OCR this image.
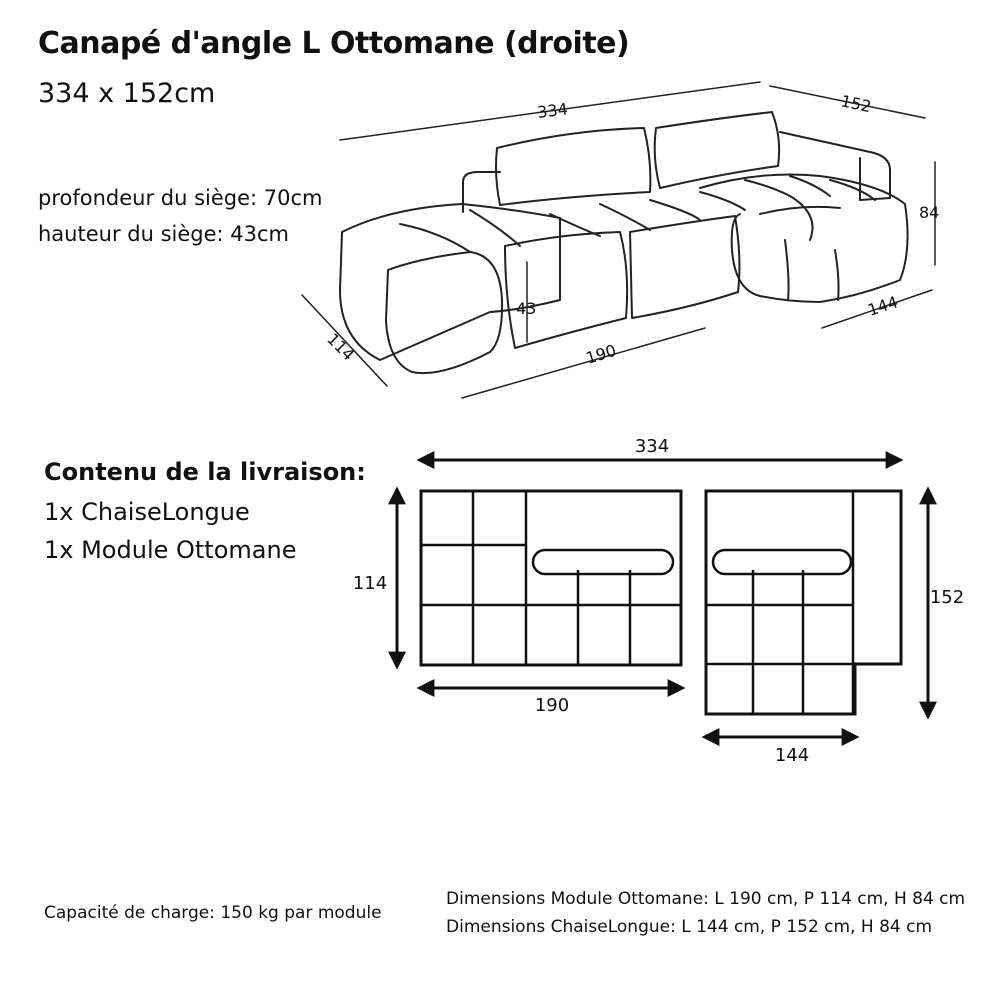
Canapé d'angle L Ottomane (droite)
334 x 152cm
profondeur du siège: 70cm
hauteur du siège: 43cm
334	152
84
144
114	190
43
Contenu de la livraison:
1x ChaiseLongue
1x Module Ottomane
334
114
152
190
144
Capacité de charge: 150 kg par module
Dimensions Module Ottomane: L 190 cm, P 114 cm, H 84 cm
Dimensions ChaiseLongue: L 144 cm, P 152 cm, H 84 cm
